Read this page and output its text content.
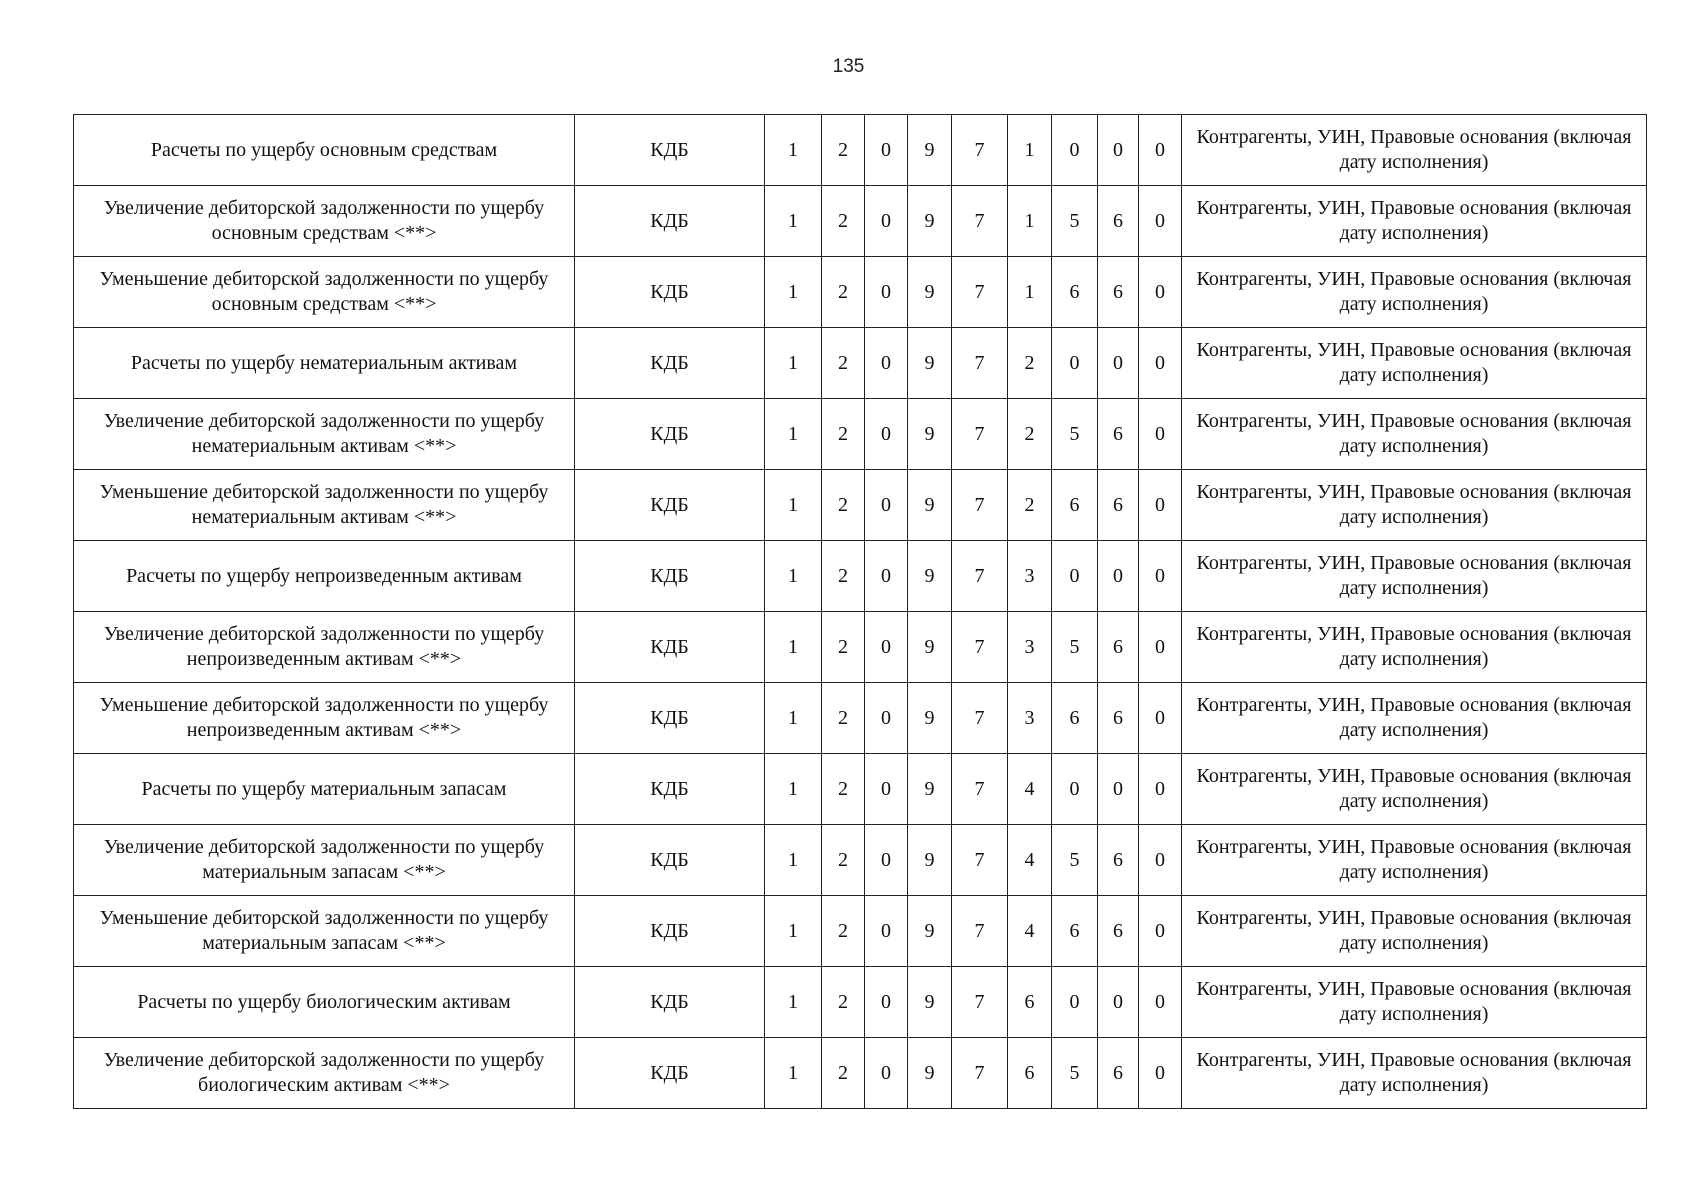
135
Расчеты по ущербу основным средствам	КДБ	1	2	0	9	7	1	0	0	0	Контрагенты, УИН, Правовые основания (включая дату исполнения)
Увеличение дебиторской задолженности по ущербу основным средствам <**>	КДБ	1	2	0	9	7	1	5	6	0	Контрагенты, УИН, Правовые основания (включая дату исполнения)
Уменьшение дебиторской задолженности по ущербу основным средствам <**>	КДБ	1	2	0	9	7	1	6	6	0	Контрагенты, УИН, Правовые основания (включая дату исполнения)
Расчеты по ущербу нематериальным активам	КДБ	1	2	0	9	7	2	0	0	0	Контрагенты, УИН, Правовые основания (включая дату исполнения)
Увеличение дебиторской задолженности по ущербу нематериальным активам <**>	КДБ	1	2	0	9	7	2	5	6	0	Контрагенты, УИН, Правовые основания (включая дату исполнения)
Уменьшение дебиторской задолженности по ущербу нематериальным активам <**>	КДБ	1	2	0	9	7	2	6	6	0	Контрагенты, УИН, Правовые основания (включая дату исполнения)
Расчеты по ущербу непроизведенным активам	КДБ	1	2	0	9	7	3	0	0	0	Контрагенты, УИН, Правовые основания (включая дату исполнения)
Увеличение дебиторской задолженности по ущербу непроизведенным активам <**>	КДБ	1	2	0	9	7	3	5	6	0	Контрагенты, УИН, Правовые основания (включая дату исполнения)
Уменьшение дебиторской задолженности по ущербу непроизведенным активам <**>	КДБ	1	2	0	9	7	3	6	6	0	Контрагенты, УИН, Правовые основания (включая дату исполнения)
Расчеты по ущербу материальным запасам	КДБ	1	2	0	9	7	4	0	0	0	Контрагенты, УИН, Правовые основания (включая дату исполнения)
Увеличение дебиторской задолженности по ущербу материальным запасам <**>	КДБ	1	2	0	9	7	4	5	6	0	Контрагенты, УИН, Правовые основания (включая дату исполнения)
Уменьшение дебиторской задолженности по ущербу материальным запасам <**>	КДБ	1	2	0	9	7	4	6	6	0	Контрагенты, УИН, Правовые основания (включая дату исполнения)
Расчеты по ущербу биологическим активам	КДБ	1	2	0	9	7	6	0	0	0	Контрагенты, УИН, Правовые основания (включая дату исполнения)
Увеличение дебиторской задолженности по ущербу биологическим активам <**>	КДБ	1	2	0	9	7	6	5	6	0	Контрагенты, УИН, Правовые основания (включая дату исполнения)
